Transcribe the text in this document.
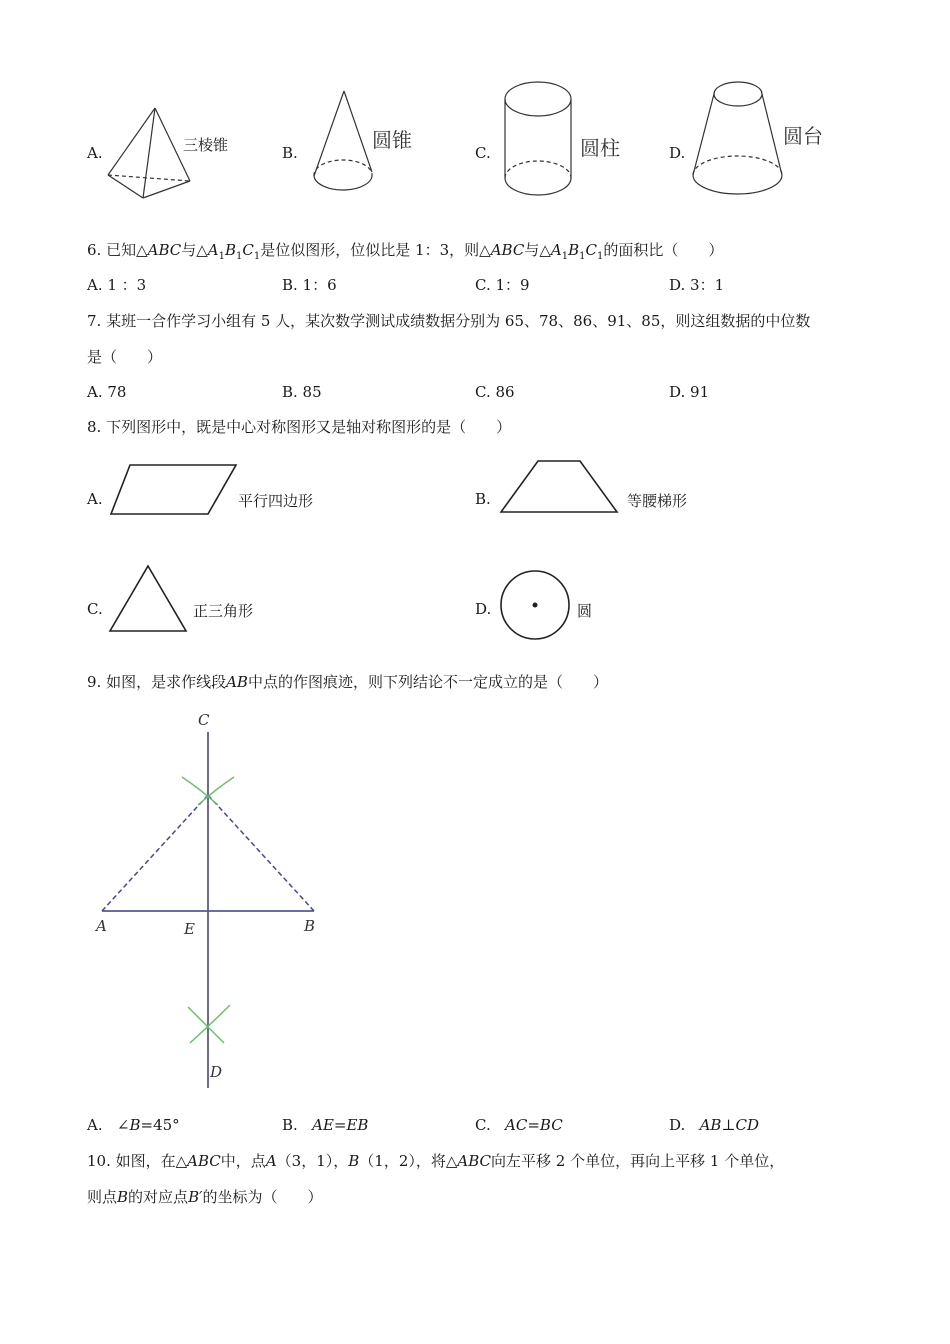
A.	三棱锥	B.
圆锥
C.	圆柱	D.
圆台
6. 已知△ABC与$\triangle A_1B_1C_1$是位似图形，位似比是 1：3，则△ABC与$\triangle A_1B_1C_1$的面积比（　　）
A. 1 ：3	B. 1：6	C. 1：9	D. 3：1
7. 某班一合作学习小组有 5 人，某次数学测试成绩数据分别为 65、78、86、91、85，则这组数据的中位数
是（　　）
A. 78	B. 85	C. 86	D. 91
8. 下列图形中，既是中心对称图形又是轴对称图形的是（　　）
A.	平行四边形	B.	等腰梯形
C.	正三角形	D.	圆
9. 如图，是求作线段AB中点的作图痕迹，则下列结论不一定成立的是（　　）
C
A	E	B
D
A. ∠B=45°	B. AE=EB	C. AC=BC	D. AB⊥CD
10. 如图，在△ABC中，点A（3，1），B（1，2），将△ABC向左平移 2 个单位，再向上平移 1 个单位，
则点B的对应点B′的坐标为（　　）
